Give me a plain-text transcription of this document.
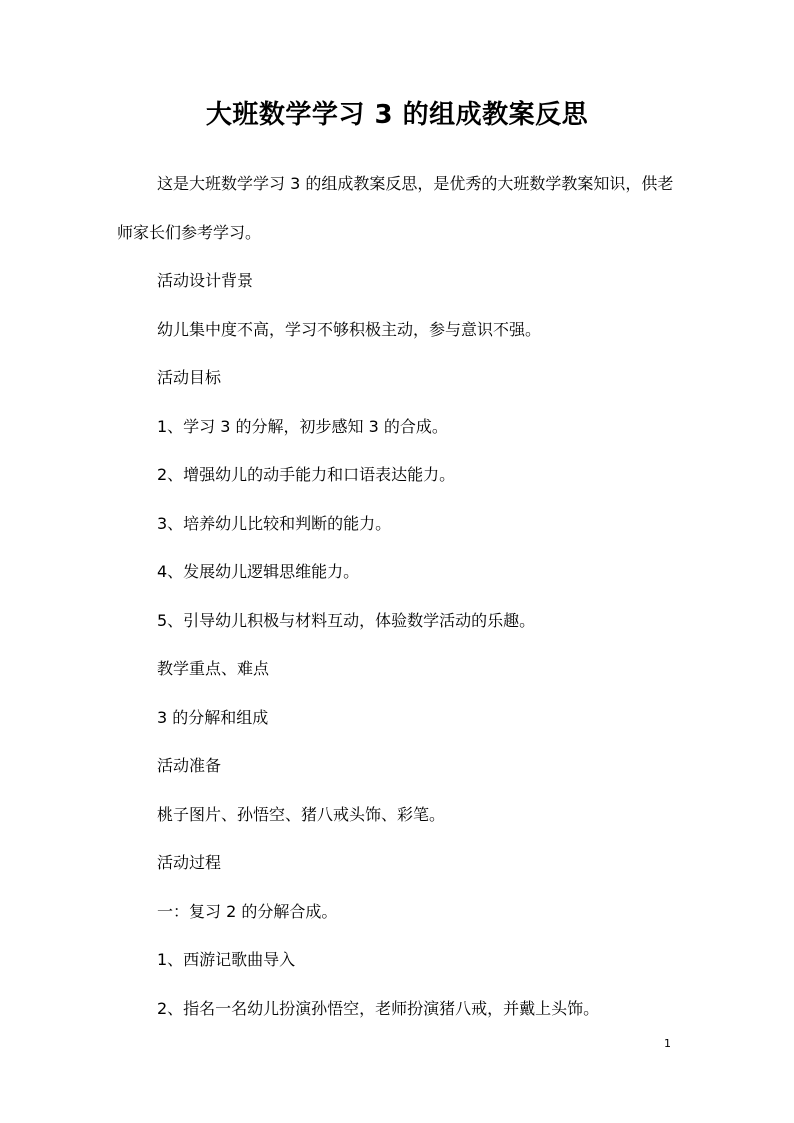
大班数学学习 3 的组成教案反思

这是大班数学学习 3 的组成教案反思，是优秀的大班数学教案知识，供老师家长们参考学习。

活动设计背景

幼儿集中度不高，学习不够积极主动，参与意识不强。

活动目标

1、学习 3 的分解，初步感知 3 的合成。

2、增强幼儿的动手能力和口语表达能力。

3、培养幼儿比较和判断的能力。

4、发展幼儿逻辑思维能力。

5、引导幼儿积极与材料互动，体验数学活动的乐趣。

教学重点、难点

3 的分解和组成

活动准备

桃子图片、孙悟空、猪八戒头饰、彩笔。

活动过程

一：复习 2 的分解合成。

1、西游记歌曲导入

2、指名一名幼儿扮演孙悟空，老师扮演猪八戒，并戴上头饰。

1
